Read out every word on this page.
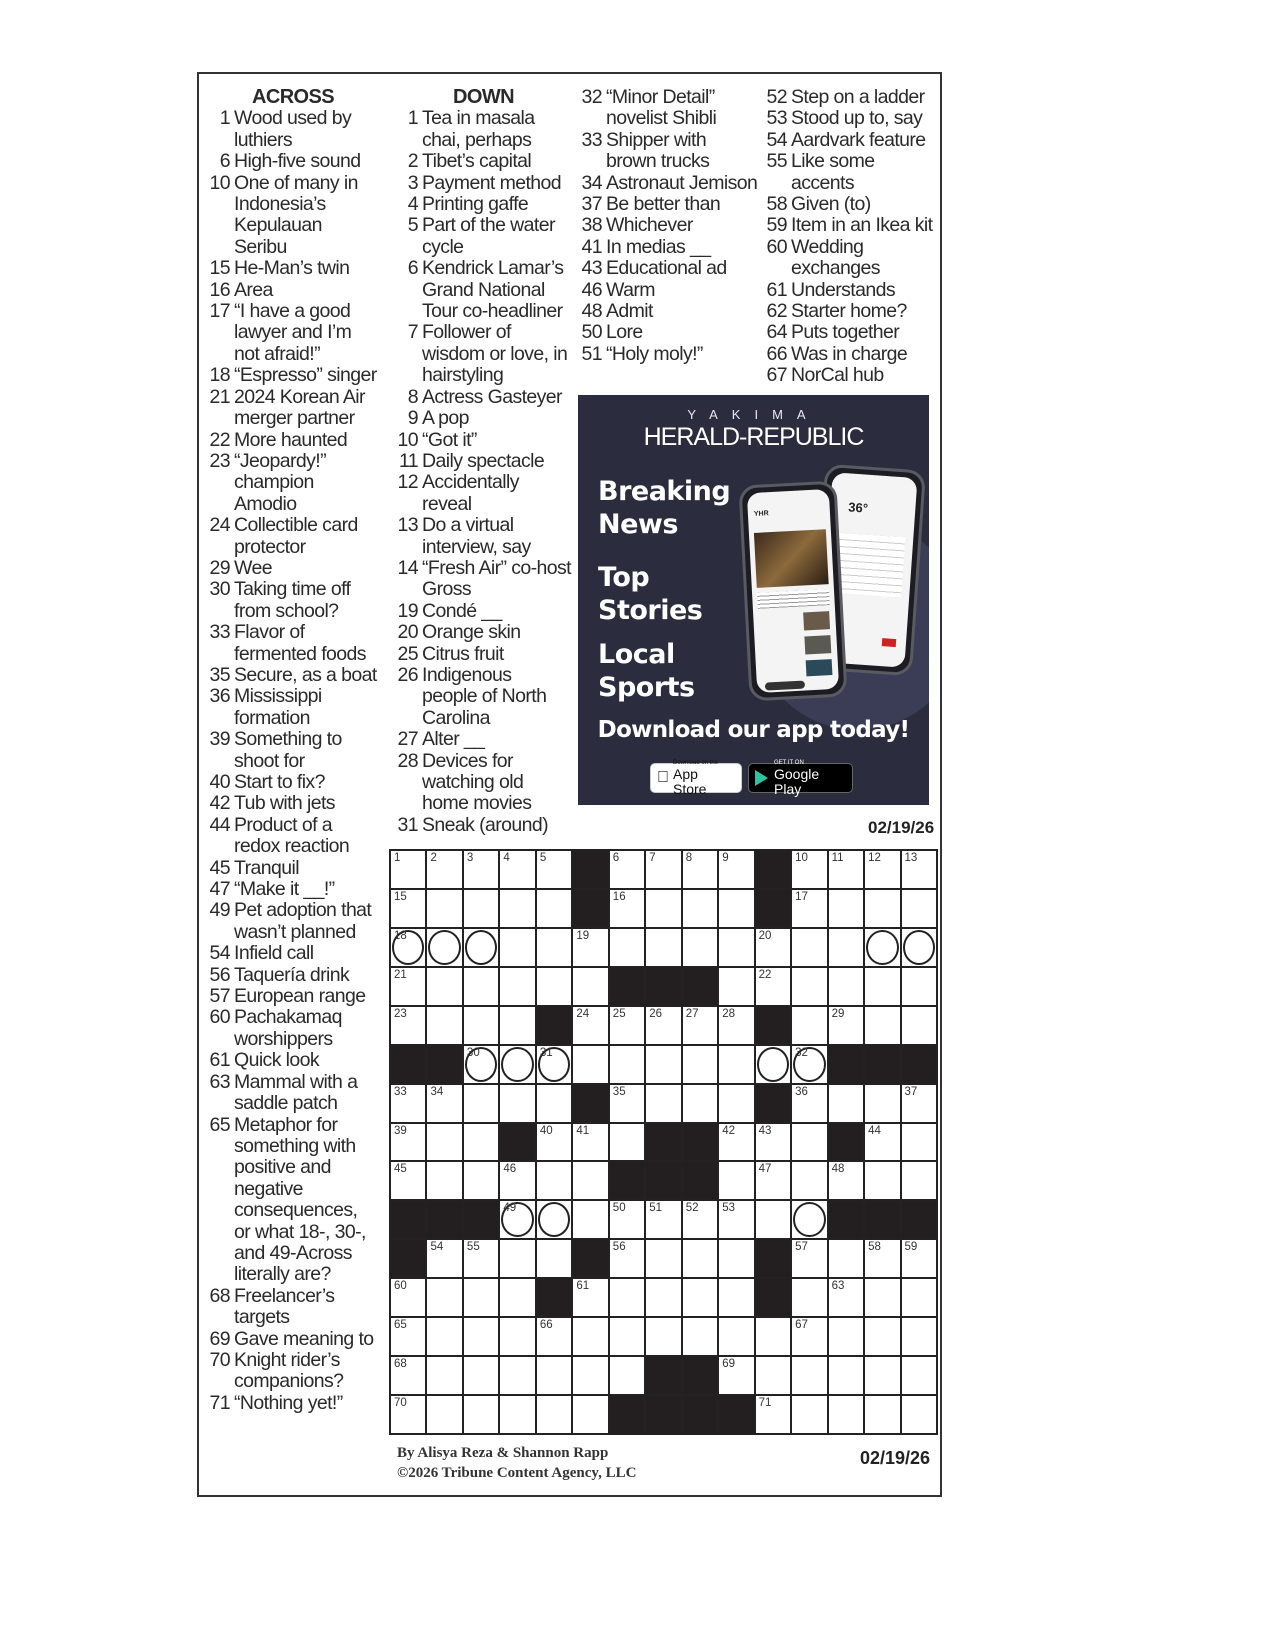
ACROSS
1 Wood used by luthiers
6 High-five sound
10 One of many in Indonesia’s Kepulauan Seribu
15 He-Man’s twin
16 Area
17 “I have a good lawyer and I’m not afraid!”
18 “Espresso” singer
21 2024 Korean Air merger partner
22 More haunted
23 “Jeopardy!” champion Amodio
24 Collectible card protector
29 Wee
30 Taking time off from school?
33 Flavor of fermented foods
35 Secure, as a boat
36 Mississippi formation
39 Something to shoot for
40 Start to fix?
42 Tub with jets
44 Product of a redox reaction
45 Tranquil
47 “Make it __!”
49 Pet adoption that wasn’t planned
54 Infield call
56 Taquería drink
57 European range
60 Pachakamaq worshippers
61 Quick look
63 Mammal with a saddle patch
65 Metaphor for something with positive and negative consequences, or what 18-, 30-, and 49-Across literally are?
68 Freelancer’s targets
69 Gave meaning to
70 Knight rider’s companions?
71 “Nothing yet!”
DOWN
1 Tea in masala chai, perhaps
2 Tibet’s capital
3 Payment method
4 Printing gaffe
5 Part of the water cycle
6 Kendrick Lamar’s Grand National Tour co-headliner
7 Follower of wisdom or love, in hairstyling
8 Actress Gasteyer
9 A pop
10 “Got it”
11 Daily spectacle
12 Accidentally reveal
13 Do a virtual interview, say
14 “Fresh Air” co-host Gross
19 Condé __
20 Orange skin
25 Citrus fruit
26 Indigenous people of North Carolina
27 Alter __
28 Devices for watching old home movies
31 Sneak (around)
32 “Minor Detail” novelist Shibli
33 Shipper with brown trucks
34 Astronaut Jemison
37 Be better than
38 Whichever
41 In medias __
43 Educational ad
46 Warm
48 Admit
50 Lore
51 “Holy moly!”
52 Step on a ladder
53 Stood up to, say
54 Aardvark feature
55 Like some accents
58 Given (to)
59 Item in an Ikea kit
60 Wedding exchanges
61 Understands
62 Starter home?
64 Puts together
66 Was in charge
67 NorCal hub
YAKIMA
HERALD-REPUBLIC
Breaking
News
Top
Stories
Local
Sports
36°
YHR
Download our app today!
Download on the
App Store
GET IT ON
Google Play
02/19/26
1	2	3	4	5	6	7	8	9	10 11 12 13
15	16	17
18	19	20
21	22
23	24 25 26 27 28	29
30	31	32
33 34	35	36	37
39	40 41	42 43	44
45	46	47	48
49	50 51 52 53
54 55	56	57	58 59
60	61	63
65	66	67
68	69
70	71
By Alisya Reza & Shannon Rapp
©2026 Tribune Content Agency, LLC
02/19/26
